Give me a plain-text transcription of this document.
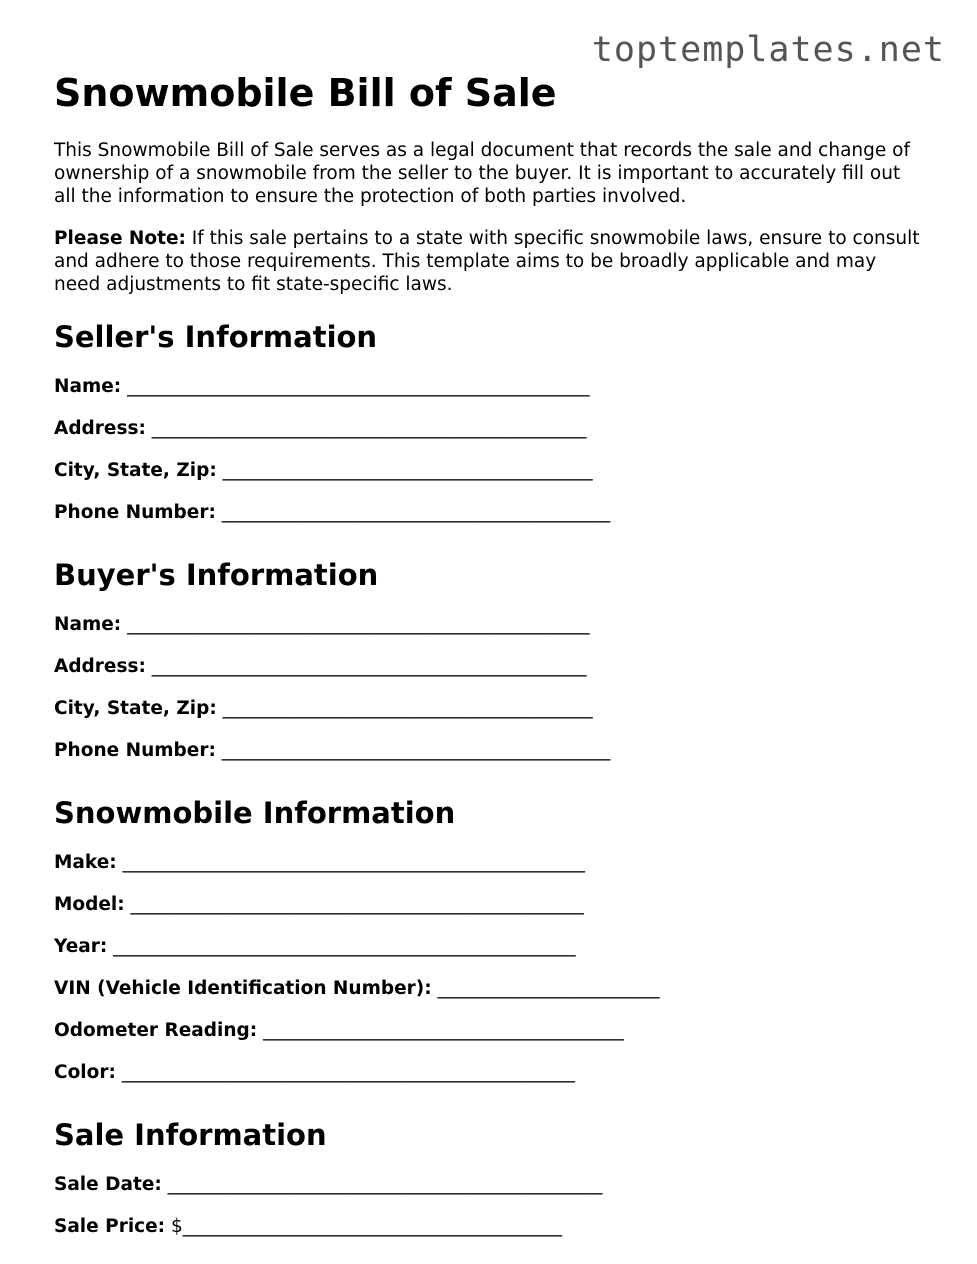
toptemplates.net
Snowmobile Bill of Sale

This Snowmobile Bill of Sale serves as a legal document that records the sale and change of ownership of a snowmobile from the seller to the buyer. It is important to accurately fill out all the information to ensure the protection of both parties involved.

Please Note: If this sale pertains to a state with specific snowmobile laws, ensure to consult and adhere to those requirements. This template aims to be broadly applicable and may need adjustments to fit state-specific laws.

Seller's Information
Name: __________________________________________________
Address: _______________________________________________
City, State, Zip: ________________________________________
Phone Number: __________________________________________
Buyer's Information
Name: __________________________________________________
Address: _______________________________________________
City, State, Zip: ________________________________________
Phone Number: __________________________________________
Snowmobile Information
Make: __________________________________________________
Model: _________________________________________________
Year: __________________________________________________
VIN (Vehicle Identification Number): ________________________
Odometer Reading: _______________________________________
Color: _________________________________________________
Sale Information
Sale Date: _______________________________________________
Sale Price: $_________________________________________
